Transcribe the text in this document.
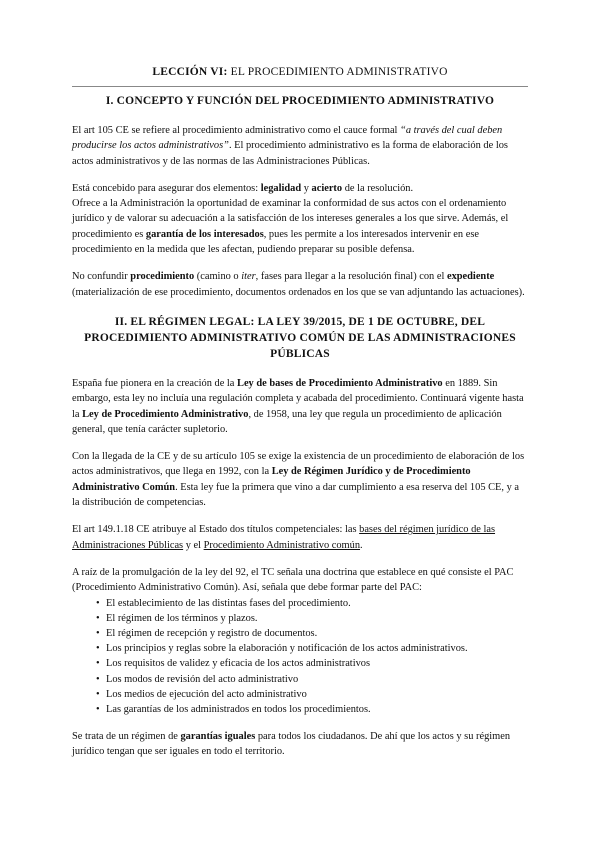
LECCIÓN VI: EL PROCEDIMIENTO ADMINISTRATIVO
I. CONCEPTO Y FUNCIÓN DEL PROCEDIMIENTO ADMINISTRATIVO

El art 105 CE se refiere al procedimiento administrativo como el cauce formal “a través del cual deben producirse los actos administrativos”. El procedimiento administrativo es la forma de elaboración de los actos administrativos y de las normas de las Administraciones Públicas.

Está concebido para asegurar dos elementos: legalidad y acierto de la resolución.

Ofrece a la Administración la oportunidad de examinar la conformidad de sus actos con el ordenamiento jurídico y de valorar su adecuación a la satisfacción de los intereses generales a los que sirve. Además, el procedimiento es garantía de los interesados, pues les permite a los interesados intervenir en ese procedimiento en la medida que les afectan, pudiendo preparar su posible defensa.

No confundir procedimiento (camino o iter, fases para llegar a la resolución final) con el expediente (materialización de ese procedimiento, documentos ordenados en los que se van adjuntando las actuaciones).

II. EL RÉGIMEN LEGAL: LA LEY 39/2015, DE 1 DE OCTUBRE, DEL PROCEDIMIENTO ADMINISTRATIVO COMÚN DE LAS ADMINISTRACIONES PÚBLICAS

España fue pionera en la creación de la Ley de bases de Procedimiento Administrativo en 1889. Sin embargo, esta ley no incluía una regulación completa y acabada del procedimiento. Continuará vigente hasta la Ley de Procedimiento Administrativo, de 1958, una ley que regula un procedimiento de aplicación general, que tenía carácter supletorio.

Con la llegada de la CE y de su artículo 105 se exige la existencia de un procedimiento de elaboración de los actos administrativos, que llega en 1992, con la Ley de Régimen Jurídico y de Procedimiento Administrativo Común. Esta ley fue la primera que vino a dar cumplimiento a esa reserva del 105 CE, y a la distribución de competencias.

El art 149.1.18 CE atribuye al Estado dos títulos competenciales: las bases del régimen jurídico de las Administraciones Públicas y el Procedimiento Administrativo común.

A raíz de la promulgación de la ley del 92, el TC señala una doctrina que establece en qué consiste el PAC (Procedimiento Administrativo Común). Así, señala que debe formar parte del PAC:

• El establecimiento de las distintas fases del procedimiento.
• El régimen de los términos y plazos.
• El régimen de recepción y registro de documentos.
• Los principios y reglas sobre la elaboración y notificación de los actos administrativos.
• Los requisitos de validez y eficacia de los actos administrativos
• Los modos de revisión del acto administrativo
• Los medios de ejecución del acto administrativo
• Las garantías de los administrados en todos los procedimientos.

Se trata de un régimen de garantías iguales para todos los ciudadanos. De ahí que los actos y su régimen jurídico tengan que ser iguales en todo el territorio.
